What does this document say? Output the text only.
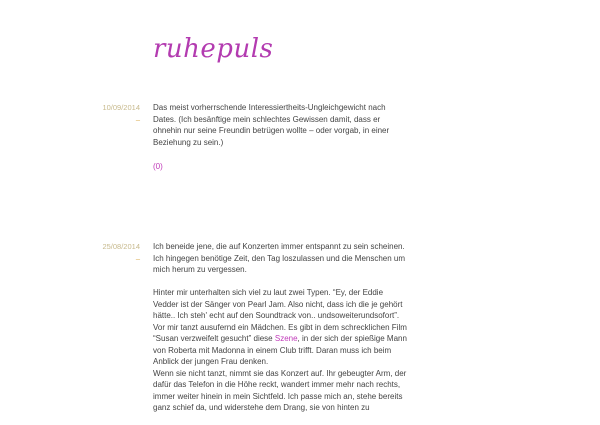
ruhepuls
10/09/2014
–

Das meist vorherrschende Interessiertheits-Ungleichgewicht nach Dates. (Ich besänftige mein schlechtes Gewissen damit, dass er ohnehin nur seine Freundin betrügen wollte – oder vorgab, in einer Beziehung zu sein.)

(0)
25/08/2014
–

Ich beneide jene, die auf Konzerten immer entspannt zu sein scheinen. Ich hingegen benötige Zeit, den Tag loszulassen und die Menschen um mich herum zu vergessen.

Hinter mir unterhalten sich viel zu laut zwei Typen. “Ey, der Eddie Vedder ist der Sänger von Pearl Jam. Also nicht, dass ich die je gehört hätte.. Ich steh' echt auf den Soundtrack von.. undsoweiterundsofort”. Vor mir tanzt ausufernd ein Mädchen. Es gibt in dem schrecklichen Film “Susan verzweifelt gesucht” diese Szene, in der sich der spießige Mann von Roberta mit Madonna in einem Club trifft. Daran muss ich beim Anblick der jungen Frau denken.
Wenn sie nicht tanzt, nimmt sie das Konzert auf. Ihr gebeugter Arm, der dafür das Telefon in die Höhe reckt, wandert immer mehr nach rechts, immer weiter hinein in mein Sichtfeld. Ich passe mich an, stehe bereits ganz schief da, und widerstehe dem Drang, sie von hinten zu
